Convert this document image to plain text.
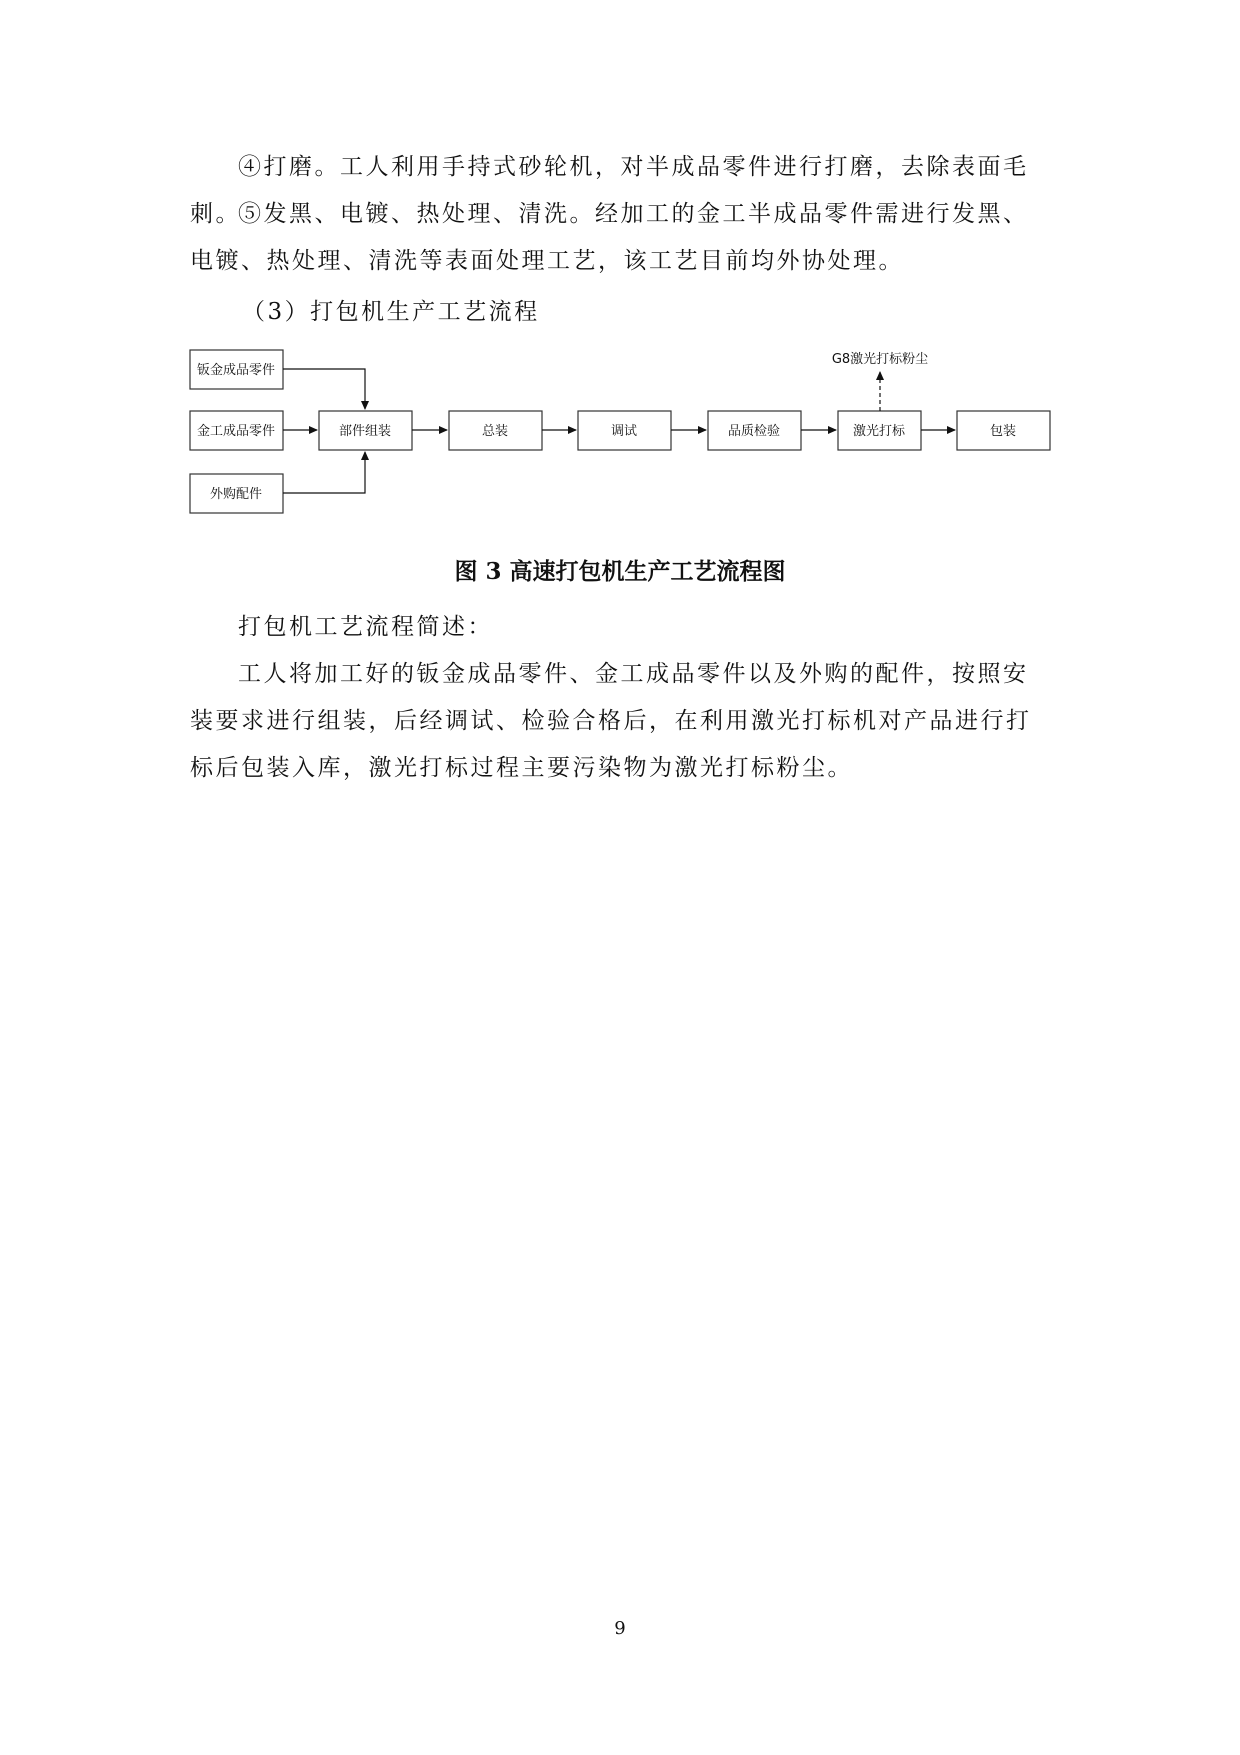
④打磨。工人利用手持式砂轮机，对半成品零件进行打磨，去除表面毛刺。

⑤发黑、电镀、热处理、清洗。经加工的金工半成品零件需进行发黑、电镀、热处理、清洗等表面处理工艺，该工艺目前均外协处理。

（3）打包机生产工艺流程
钣金成品零件
金工成品零件
外购配件
部件组装	总装	调试	品质检验	激光打标	包装
G8激光打标粉尘
图 3 高速打包机生产工艺流程图

打包机工艺流程简述：

工人将加工好的钣金成品零件、金工成品零件以及外购的配件，按照安装要求进行组装，后经调试、检验合格后，在利用激光打标机对产品进行打标后包装入库，激光打标过程主要污染物为激光打标粉尘。

9
